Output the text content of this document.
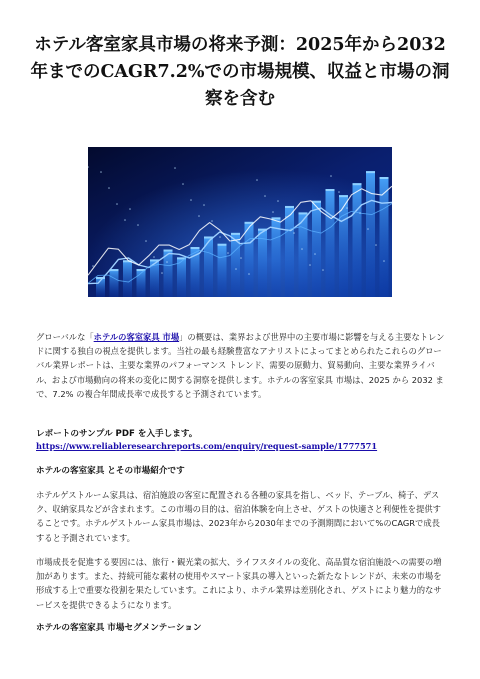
ホテル客室家具市場の将来予測：2025年から2032年までのCAGR7.2%での市場規模、収益と市場の洞察を含む

グローバルな「ホテルの客室家具 市場」の概要は、業界および世界中の主要市場に影響を与える主要なトレンドに関する独自の視点を提供します。当社の最も経験豊富なアナリストによってまとめられたこれらのグローバル業界レポートは、主要な業界のパフォーマンス トレンド、需要の原動力、貿易動向、主要な業界ライバル、および市場動向の将来の変化に関する洞察を提供します。ホテルの客室家具 市場は、2025 から 2032 まで、7.2% の複合年間成長率で成長すると予測されています。

レポートのサンプル PDF を入手します。

https://www.reliableresearchreports.com/enquiry/request-sample/1777571

ホテルの客室家具 とその市場紹介です

ホテルゲストルーム家具は、宿泊施設の客室に配置される各種の家具を指し、ベッド、テーブル、椅子、デスク、収納家具などが含まれます。この市場の目的は、宿泊体験を向上させ、ゲストの快適さと利便性を提供することです。ホテルゲストルーム家具市場は、2023年から2030年までの予測期間において%のCAGRで成長すると予測されています。

市場成長を促進する要因には、旅行・観光業の拡大、ライフスタイルの変化、高品質な宿泊施設への需要の増加があります。また、持続可能な素材の使用やスマート家具の導入といった新たなトレンドが、未来の市場を形成する上で重要な役割を果たしています。これにより、ホテル業界は差別化され、ゲストにより魅力的なサービスを提供できるようになります。

ホテルの客室家具 市場セグメンテーション
